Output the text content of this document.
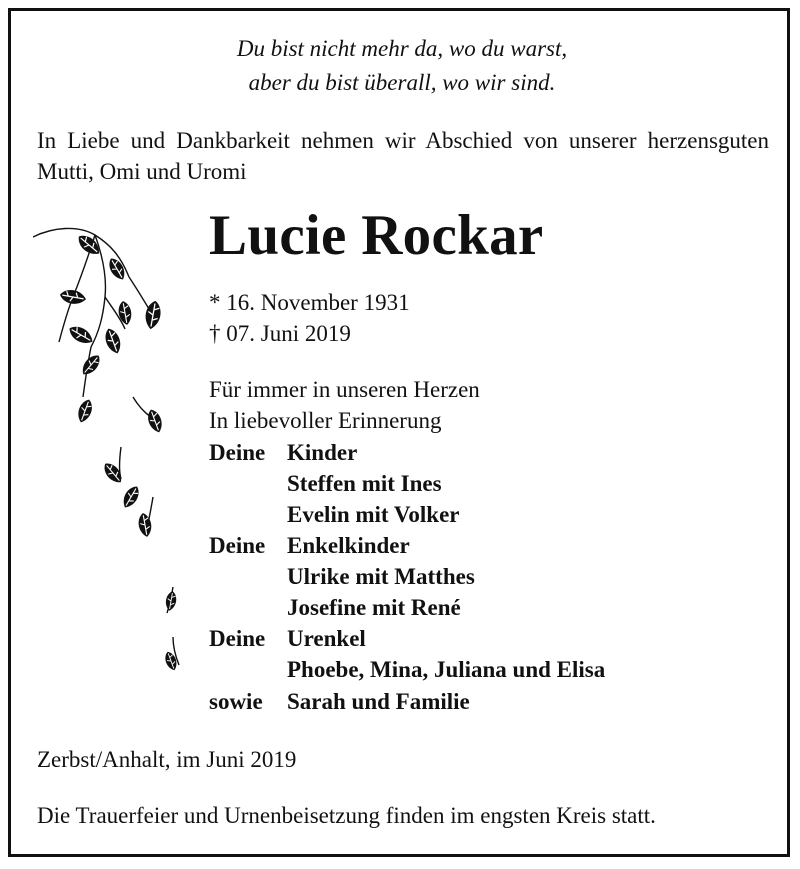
Du bist nicht mehr da, wo du warst,
aber du bist überall, wo wir sind.
In Liebe und Dankbarkeit nehmen wir Abschied von unserer herzensguten Mutti, Omi und Uromi
Lucie Rockar
* 16. November 1931
† 07. Juni 2019
Für immer in unseren Herzen
In liebevoller Erinnerung
Deine Kinder
Steffen mit Ines
Evelin mit Volker
Deine Enkelkinder
Ulrike mit Matthes
Josefine mit René
Deine Urenkel
Phoebe, Mina, Juliana und Elisa
sowie Sarah und Familie
Zerbst/Anhalt, im Juni 2019
Die Trauerfeier und Urnenbeisetzung finden im engsten Kreis statt.
